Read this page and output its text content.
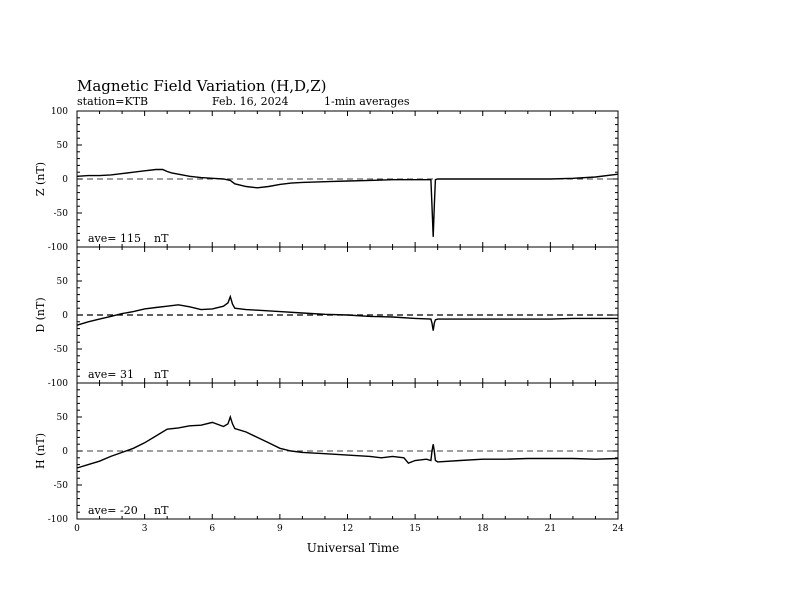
Magnetic Field Variation (H,D,Z)
station=KTB	Feb. 16, 2024	1-min averages
100
50
0
-50
-100
Z (nT)
ave= 115 nT
50
0
-50
-100
D (nT)
ave= 31 nT
50
0
-50
-100
H (nT)
ave= -20 nT
0	3	6	9	12	15	18	21	24
Universal Time
